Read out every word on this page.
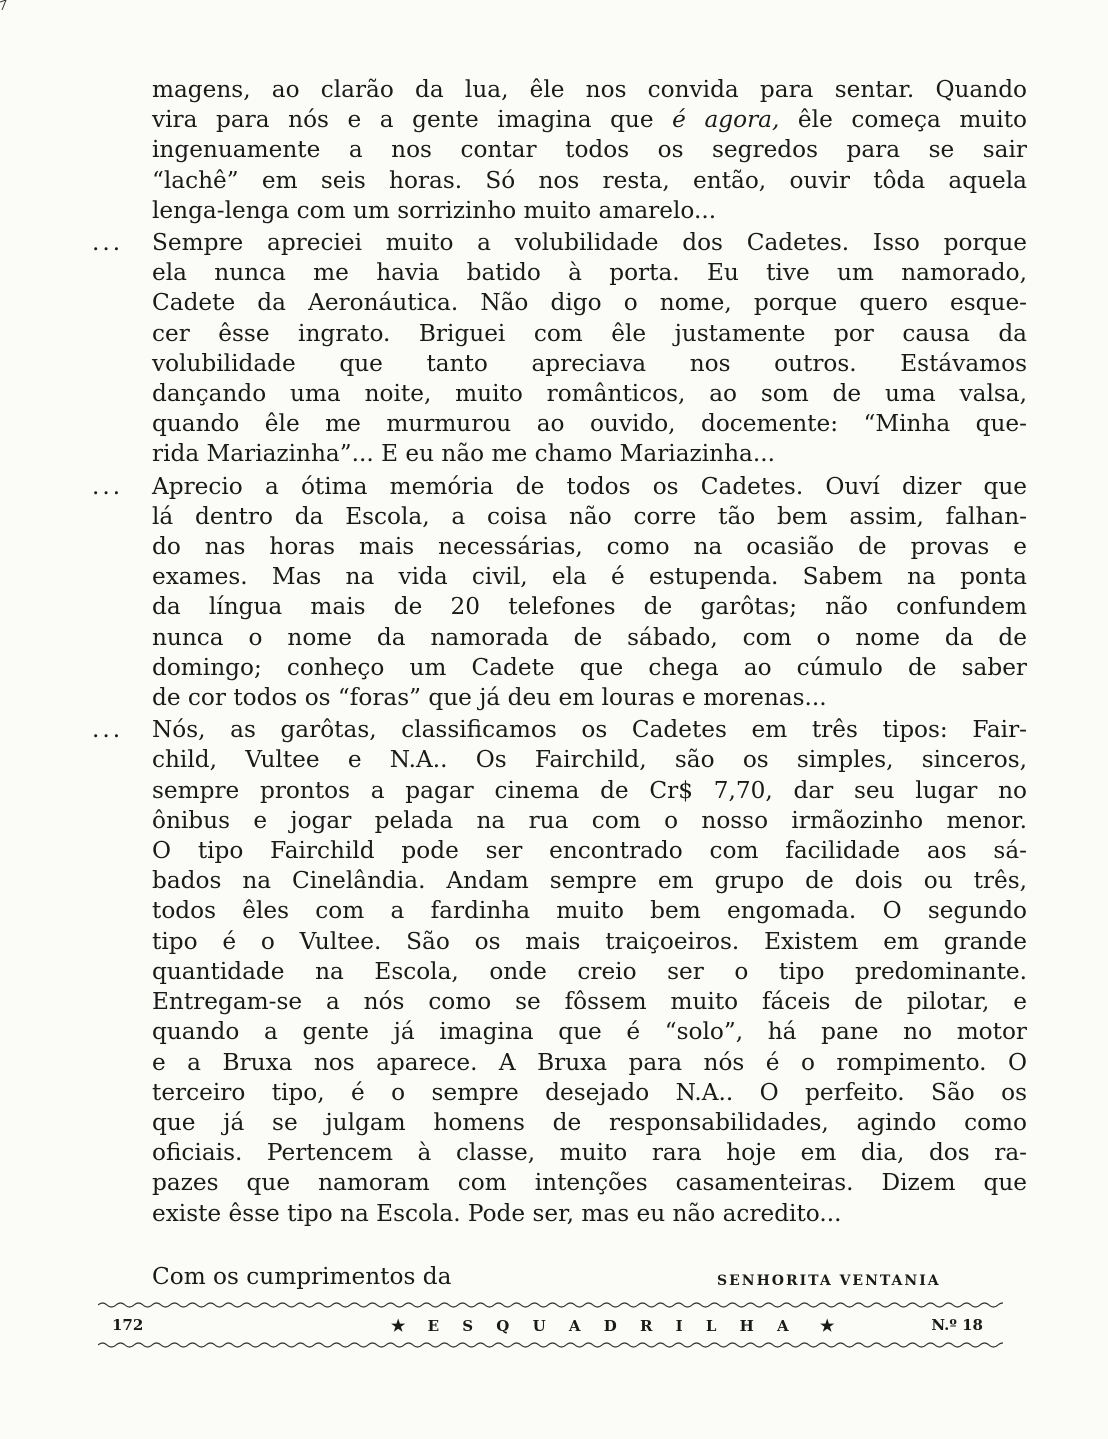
magens, ao clarão da lua, êle nos convida para sentar. Quando
vira para nós e a gente imagina que é agora, êle começa muito
ingenuamente a nos contar todos os segredos para se sair
“lachê” em seis horas. Só nos resta, então, ouvir tôda aquela
lenga-lenga com um sorrizinho muito amarelo...
...	Sempre apreciei muito a volubilidade dos Cadetes. Isso porque
ela nunca me havia batido à porta. Eu tive um namorado,
Cadete da Aeronáutica. Não digo o nome, porque quero esque-
cer êsse ingrato. Briguei com êle justamente por causa da
volubilidade que tanto apreciava nos outros. Estávamos
dançando uma noite, muito românticos, ao som de uma valsa,
quando êle me murmurou ao ouvido, docemente: “Minha que-
rida Mariazinha”... E eu não me chamo Mariazinha...
...	Aprecio a ótima memória de todos os Cadetes. Ouví dizer que
lá dentro da Escola, a coisa não corre tão bem assim, falhan-
do nas horas mais necessárias, como na ocasião de provas e
exames. Mas na vida civil, ela é estupenda. Sabem na ponta
da língua mais de 20 telefones de garôtas; não confundem
nunca o nome da namorada de sábado, com o nome da de
domingo; conheço um Cadete que chega ao cúmulo de saber
de cor todos os “foras” que já deu em louras e morenas...
...	Nós, as garôtas, classificamos os Cadetes em três tipos: Fair-
child, Vultee e N.A.. Os Fairchild, são os simples, sinceros,
sempre prontos a pagar cinema de Cr$ 7,70, dar seu lugar no
ônibus e jogar pelada na rua com o nosso irmãozinho menor.
O tipo Fairchild pode ser encontrado com facilidade aos sá-
bados na Cinelândia. Andam sempre em grupo de dois ou três,
todos êles com a fardinha muito bem engomada. O segundo
tipo é o Vultee. São os mais traiçoeiros. Existem em grande
quantidade na Escola, onde creio ser o tipo predominante.
Entregam-se a nós como se fôssem muito fáceis de pilotar, e
quando a gente já imagina que é “solo”, há pane no motor
e a Bruxa nos aparece. A Bruxa para nós é o rompimento. O
terceiro tipo, é o sempre desejado N.A.. O perfeito. São os
que já se julgam homens de responsabilidades, agindo como
oficiais. Pertencem à classe, muito rara hoje em dia, dos ra-
pazes que namoram com intenções casamenteiras. Dizem que
existe êsse tipo na Escola. Pode ser, mas eu não acredito...
Com os cumprimentos da	SENHORITA VENTANIA
172	★ E S Q U A D R I L H A ★	N.º 18
